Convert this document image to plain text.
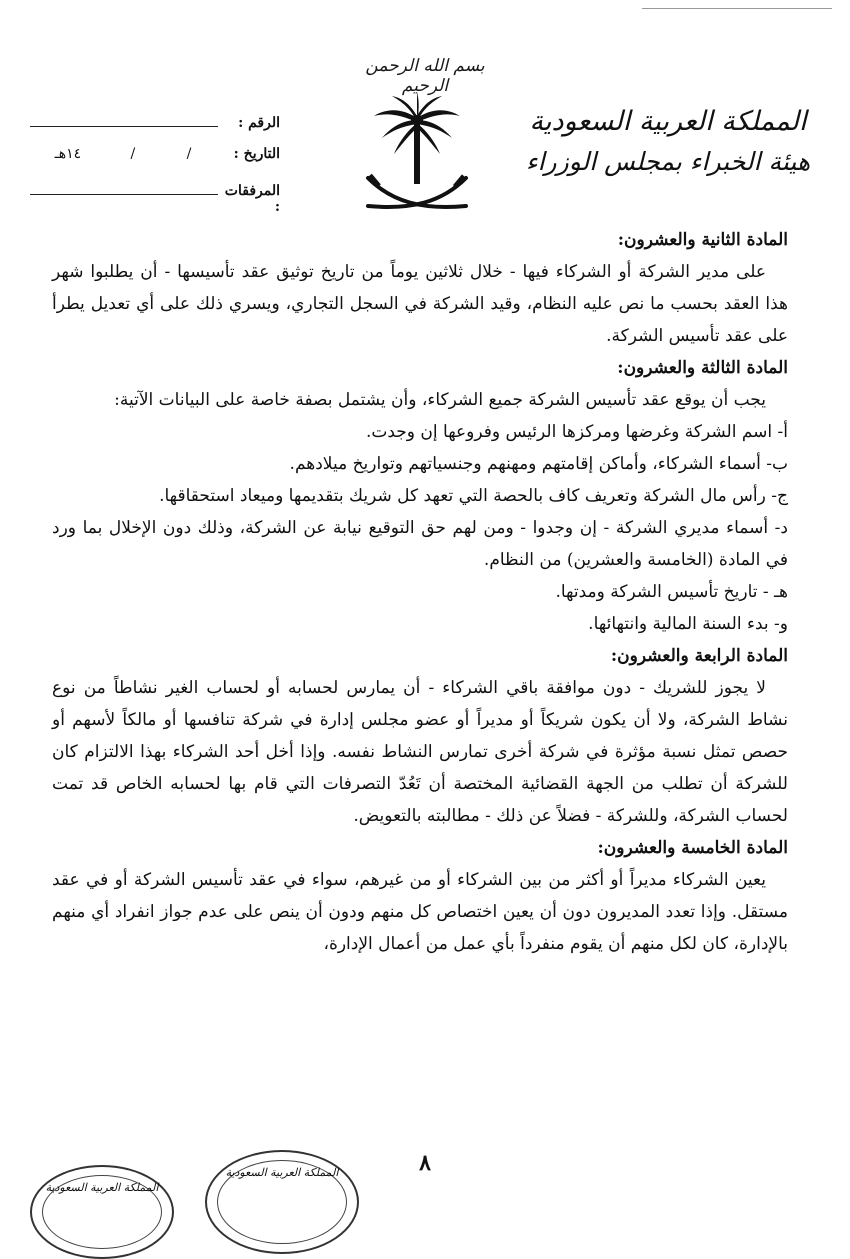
بسم الله الرحمن الرحيم

المملكة العربية السعودية

هيئة الخبراء بمجلس الوزراء

الرقم :
التاريخ :
/
/
١٤هـ
المرفقات :
المادة الثانية والعشرون:

على مدير الشركة أو الشركاء فيها - خلال ثلاثين يوماً من تاريخ توثيق عقد تأسيسها - أن يطلبوا شهر هذا العقد بحسب ما نص عليه النظام، وقيد الشركة في السجل التجاري، ويسري ذلك على أي تعديل يطرأ على عقد تأسيس الشركة.

المادة الثالثة والعشرون:

يجب أن يوقع عقد تأسيس الشركة جميع الشركاء، وأن يشتمل بصفة خاصة على البيانات الآتية:

أ- اسم الشركة وغرضها ومركزها الرئيس وفروعها إن وجدت.

ب- أسماء الشركاء، وأماكن إقامتهم ومهنهم وجنسياتهم وتواريخ ميلادهم.

ج- رأس مال الشركة وتعريف كاف بالحصة التي تعهد كل شريك بتقديمها وميعاد استحقاقها.

د- أسماء مديري الشركة - إن وجدوا - ومن لهم حق التوقيع نيابة عن الشركة، وذلك دون الإخلال بما ورد في المادة (الخامسة والعشرين) من النظام.

هـ - تاريخ تأسيس الشركة ومدتها.

و- بدء السنة المالية وانتهائها.

المادة الرابعة والعشرون:

لا يجوز للشريك - دون موافقة باقي الشركاء - أن يمارس لحسابه أو لحساب الغير نشاطاً من نوع نشاط الشركة، ولا أن يكون شريكاً أو مديراً أو عضو مجلس إدارة في شركة تنافسها أو مالكاً لأسهم أو حصص تمثل نسبة مؤثرة في شركة أخرى تمارس النشاط نفسه. وإذا أخل أحد الشركاء بهذا الالتزام كان للشركة أن تطلب من الجهة القضائية المختصة أن تَعُدّ التصرفات التي قام بها لحسابه الخاص قد تمت لحساب الشركة، وللشركة - فضلاً عن ذلك - مطالبته بالتعويض.

المادة الخامسة والعشرون:

يعين الشركاء مديراً أو أكثر من بين الشركاء أو من غيرهم، سواء في عقد تأسيس الشركة أو في عقد مستقل. وإذا تعدد المديرون دون أن يعين اختصاص كل منهم ودون أن ينص على عدم جواز انفراد أي منهم بالإدارة، كان لكل منهم أن يقوم منفرداً بأي عمل من أعمال الإدارة،

٨
المملكة العربية السعودية
المملكة العربية السعودية
